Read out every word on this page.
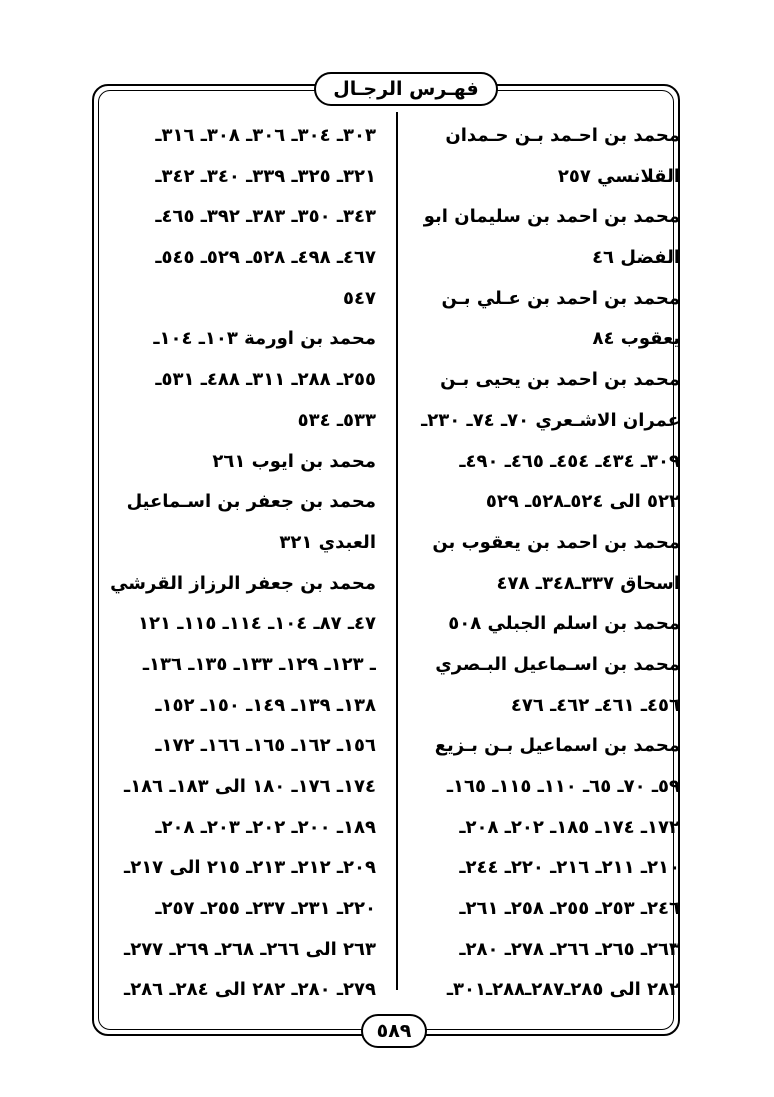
فهـرس الرجـال
محمد بن احـمد بـن حـمدان
القلانسي ٢٥٧
محمد بن احمد بن سليمان ابو
الفضل ٤٦
محمد بن احمد بن عـلي بـن
يعقوب ٨٤
محمد بن احمد بن يحيى بـن
عمران الاشـعري ٧٠ـ ٧٤ـ ٢٣٠ـ
٣٠٩ـ ٤٣٤ـ ٤٥٤ـ ٤٦٥ـ ٤٩٠ـ
٥٢٢ الى ٥٢٤ـ٥٢٨ـ ٥٢٩
محمد بن احمد بن يعقوب بن
اسحاق ٣٣٧ـ٣٤٨ـ ٤٧٨
محمد بن اسلم الجبلي ٥٠٨
محمد بن اسـماعيل البـصري
٤٥٦ـ ٤٦١ـ ٤٦٢ـ ٤٧٦
محمد بن اسماعيل بـن بـزيع
٥٩ـ ٧٠ـ ٦٥ـ ١١٠ـ ١١٥ـ ١٦٥ـ
١٧٢ـ ١٧٤ـ ١٨٥ـ ٢٠٢ـ ٢٠٨ـ
٢١٠ـ ٢١١ـ ٢١٦ـ ٢٢٠ـ ٢٤٤ـ
٢٤٦ـ ٢٥٣ـ ٢٥٥ـ ٢٥٨ـ ٢٦١ـ
٢٦٣ـ ٢٦٥ـ ٢٦٦ـ ٢٧٨ـ ٢٨٠ـ
٢٨٢ الى ٢٨٥ـ٢٨٧ـ٢٨٨ـ٣٠١ـ
٣٠٣ـ ٣٠٤ـ ٣٠٦ـ ٣٠٨ـ ٣١٦ـ
٣٢١ـ ٣٢٥ـ ٣٣٩ـ ٣٤٠ـ ٣٤٢ـ
٣٤٣ـ ٣٥٠ـ ٣٨٣ـ ٣٩٢ـ ٤٦٥ـ
٤٦٧ـ ٤٩٨ـ ٥٢٨ـ ٥٢٩ـ ٥٤٥ـ
٥٤٧
محمد بن اورمة ١٠٣ـ ١٠٤ـ
٢٥٥ـ ٢٨٨ـ ٣١١ـ ٤٨٨ـ ٥٣١ـ
٥٣٣ـ ٥٣٤
محمد بن ايوب ٢٦١
محمد بن جعفر بن اسـماعيل
العبدي ٣٢١
محمد بن جعفر الرزاز القرشي
٤٧ـ ٨٧ـ ١٠٤ـ ١١٤ـ ١١٥ـ ١٢١
ـ ١٢٣ـ ١٢٩ـ ١٣٣ـ ١٣٥ـ ١٣٦ـ
١٣٨ـ ١٣٩ـ ١٤٩ـ ١٥٠ـ ١٥٢ـ
١٥٦ـ ١٦٢ـ ١٦٥ـ ١٦٦ـ ١٧٢ـ
١٧٤ـ ١٧٦ـ ١٨٠ الى ١٨٣ـ ١٨٦ـ
١٨٩ـ ٢٠٠ـ ٢٠٢ـ ٢٠٣ـ ٢٠٨ـ
٢٠٩ـ ٢١٢ـ ٢١٣ـ ٢١٥ الى ٢١٧ـ
٢٢٠ـ ٢٣١ـ ٢٣٧ـ ٢٥٥ـ ٢٥٧ـ
٢٦٣ الى ٢٦٦ـ ٢٦٨ـ ٢٦٩ـ ٢٧٧ـ
٢٧٩ـ ٢٨٠ـ ٢٨٢ الى ٢٨٤ـ ٢٨٦ـ
٥٨٩
